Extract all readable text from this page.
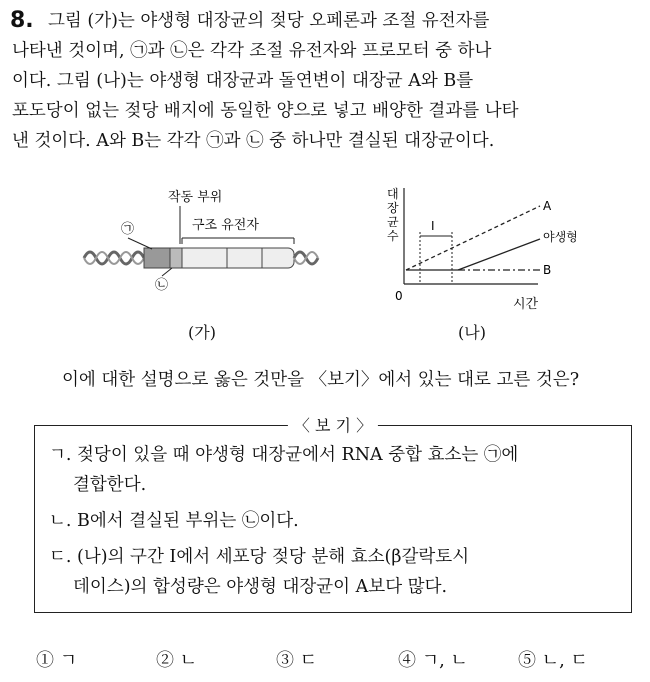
8. 그림 (가)는 야생형 대장균의 젖당 오페론과 조절 유전자를
나타낸 것이며, ㉠과 ㉡은 각각 조절 유전자와 프로모터 중 하나
이다. 그림 (나)는 야생형 대장균과 돌연변이 대장균 A와 B를
포도당이 없는 젖당 배지에 동일한 양으로 넣고 배양한 결과를 나타
낸 것이다. A와 B는 각각 ㉠과 ㉡ 중 하나만 결실된 대장균이다.
작동 부위
구조 유전자
㉠
㉡
(가)
대
장
균
수
0
시간
Ⅰ
A
야생형
B
(나)
이에 대한 설명으로 옳은 것만을 〈보기〉에서 있는 대로 고른 것은?
〈 보 기 〉
ㄱ. 젖당이 있을 때 야생형 대장균에서 RNA 중합 효소는 ㉠에
결합한다.
ㄴ. B에서 결실된 부위는 ㉡이다.
ㄷ. (나)의 구간 Ⅰ에서 세포당 젖당 분해 효소(β갈락토시
데이스)의 합성량은 야생형 대장균이 A보다 많다.
① ㄱ	② ㄴ	③ ㄷ	④ ㄱ, ㄴ	⑤ ㄴ, ㄷ
